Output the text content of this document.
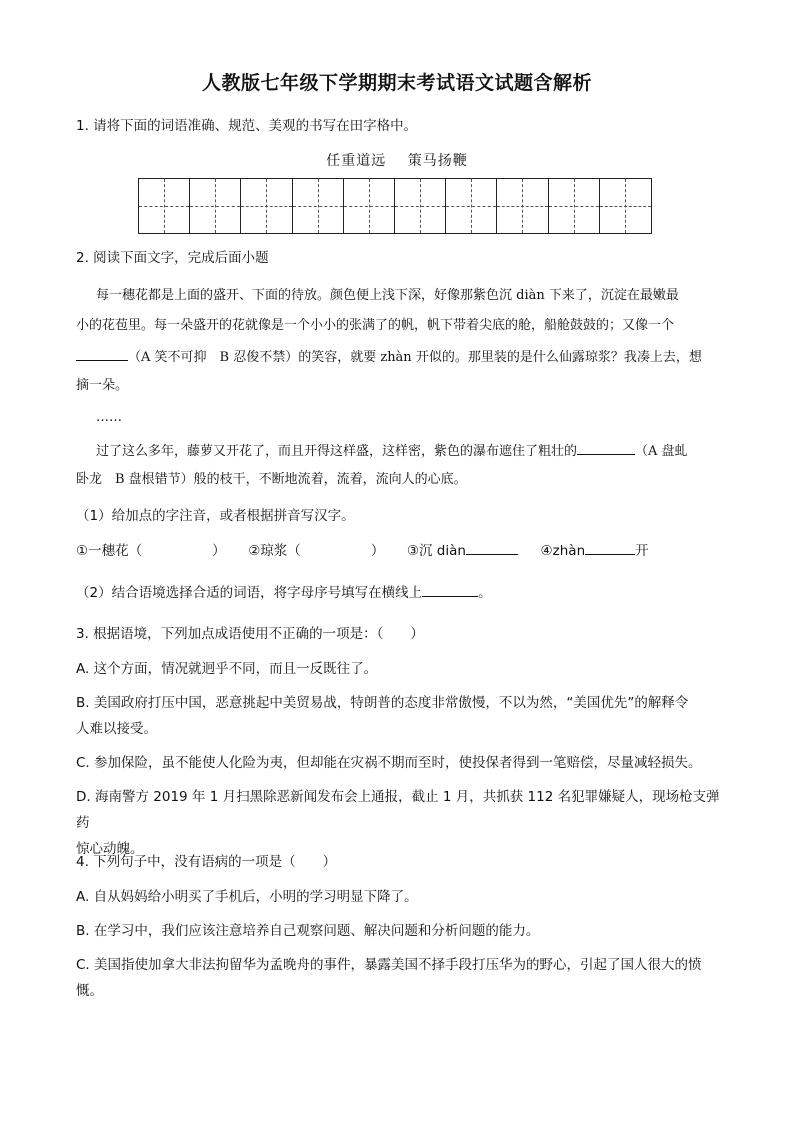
人教版七年级下学期期末考试语文试题含解析
1. 请将下面的词语准确、规范、美观的书写在田字格中。
任重道远 策马扬鞭
2. 阅读下面文字，完成后面小题
每一穗花都是上面的盛开、下面的待放。颜色便上浅下深，好像那紫色沉 diàn 下来了，沉淀在最嫩最
小的花苞里。每一朵盛开的花就像是一个小小的张满了的帆，帆下带着尖底的舱，船舱鼓鼓的；又像一个
（A 笑不可抑　B 忍俊不禁）的笑容，就要 zhàn 开似的。那里装的是什么仙露琼浆？我凑上去，想
摘一朵。
……
过了这么多年，藤萝又开花了，而且开得这样盛，这样密，紫色的瀑布遮住了粗壮的	（A 盘虬
卧龙　B 盘根错节）般的枝干，不断地流着，流着，流向人的心底。
（1）给加点的字注音，或者根据拼音写汉字。
①一穗花（	） ②琼浆（	） ③沉 diàn	④zhàn	开
（2）结合语境选择合适的词语，将字母序号填写在横线上	。
3. 根据语境，下列加点成语使用不正确的一项是：（　　）
A. 这个方面，情况就迥乎不同，而且一反既往了。
B. 美国政府打压中国，恶意挑起中美贸易战，特朗普的态度非常傲慢，不以为然，“美国优先”的解释令
人难以接受。
C. 参加保险，虽不能使人化险为夷，但却能在灾祸不期而至时，使投保者得到一笔赔偿，尽量减轻损失。
D. 海南警方 2019 年 1 月扫黑除恶新闻发布会上通报，截止 1 月，共抓获 112 名犯罪嫌疑人，现场枪支弹药
惊心动魄。
4. 下列句子中，没有语病的一项是（　　）
A. 自从妈妈给小明买了手机后，小明的学习明显下降了。
B. 在学习中，我们应该注意培养自己观察问题、解决问题和分析问题的能力。
C. 美国指使加拿大非法拘留华为孟晚舟的事件，暴露美国不择手段打压华为的野心，引起了国人很大的愤
慨。
